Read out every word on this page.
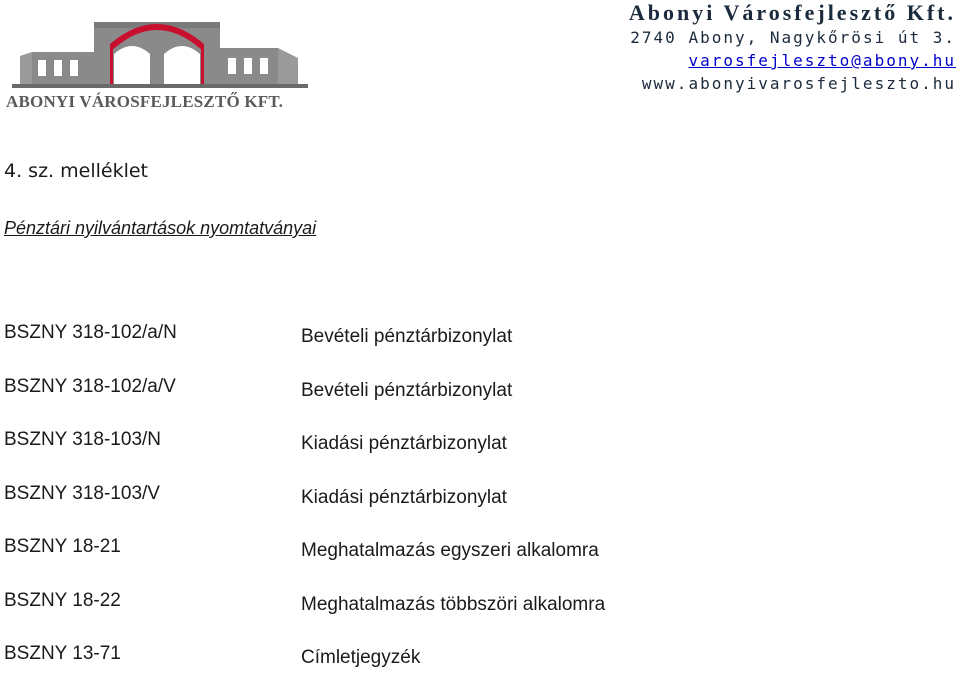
ABONYI VÁROSFEJLESZTŐ KFT.
Abonyi Városfejlesztő Kft.
2740 Abony, Nagykőrösi út 3.
varosfejleszto@abony.hu
www.abonyivarosfejleszto.hu
4. sz. melléklet
Pénztári nyilvántartások nyomtatványai
BSZNY 318-102/a/N	Bevételi pénztárbizonylat
BSZNY 318-102/a/V	Bevételi pénztárbizonylat
BSZNY 318-103/N	Kiadási pénztárbizonylat
BSZNY 318-103/V	Kiadási pénztárbizonylat
BSZNY 18-21	Meghatalmazás egyszeri alkalomra
BSZNY 18-22	Meghatalmazás többszöri alkalomra
BSZNY 13-71	Címletjegyzék
